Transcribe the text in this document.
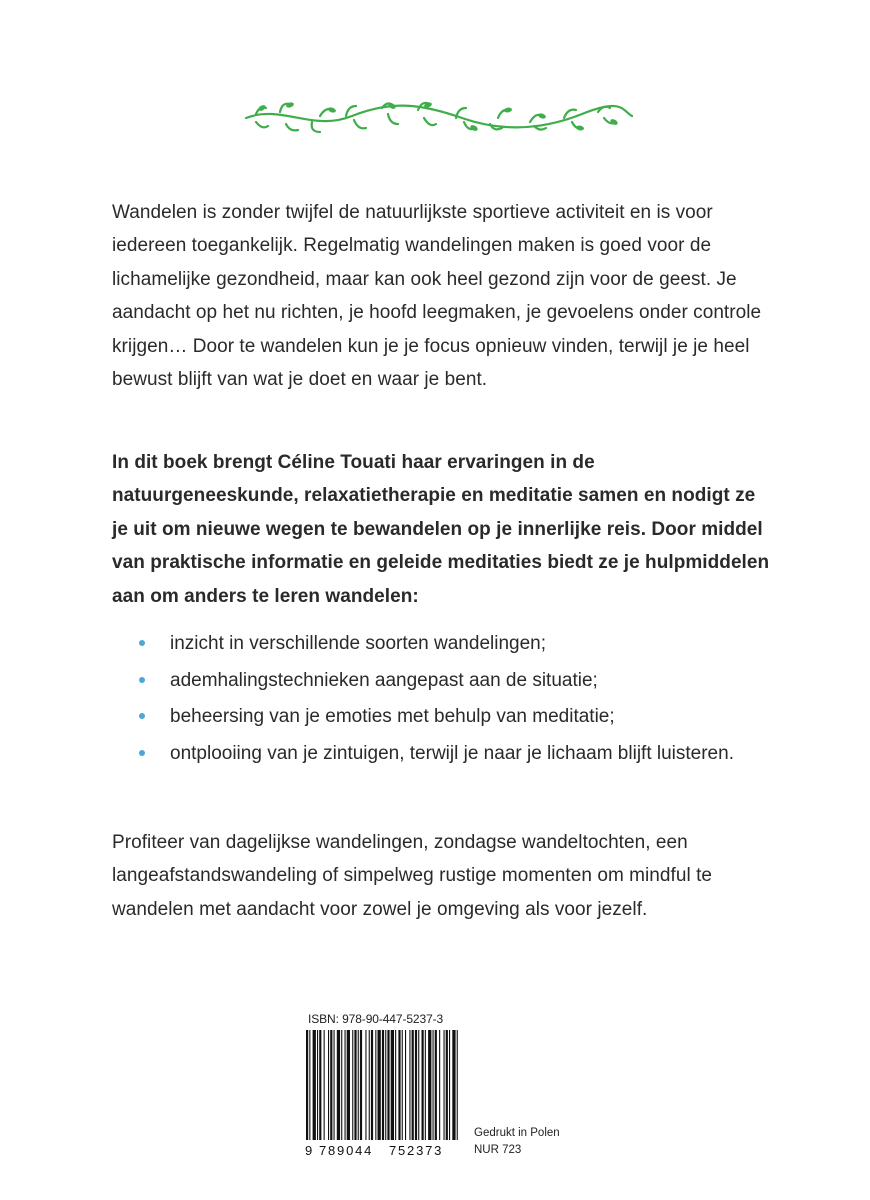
Wandelen is zonder twijfel de natuurlijkste sportieve activiteit en is voor iedereen toegankelijk. Regelmatig wandelingen maken is goed voor de lichamelijke gezondheid, maar kan ook heel gezond zijn voor de geest. Je aandacht op het nu richten, je hoofd leegmaken, je gevoelens onder controle krijgen… Door te wandelen kun je je focus opnieuw vinden, terwijl je je heel bewust blijft van wat je doet en waar je bent.
In dit boek brengt Céline Touati haar ervaringen in de natuurgeneeskunde, relaxatietherapie en meditatie samen en nodigt ze je uit om nieuwe wegen te bewandelen op je innerlijke reis. Door middel van praktische informatie en geleide meditaties biedt ze je hulpmiddelen aan om anders te leren wandelen:
inzicht in verschillende soorten wandelingen;
ademhalingstechnieken aangepast aan de situatie;
beheersing van je emoties met behulp van meditatie;
ontplooiing van je zintuigen, terwijl je naar je lichaam blijft luisteren.
Profiteer van dagelijkse wandelingen, zondagse wandeltochten, een langeafstandswandeling of simpelweg rustige momenten om mindful te wandelen met aandacht voor zowel je omgeving als voor jezelf.
ISBN: 978-90-447-5237-3
9 789044 752373
Gedrukt in Polen
NUR 723
